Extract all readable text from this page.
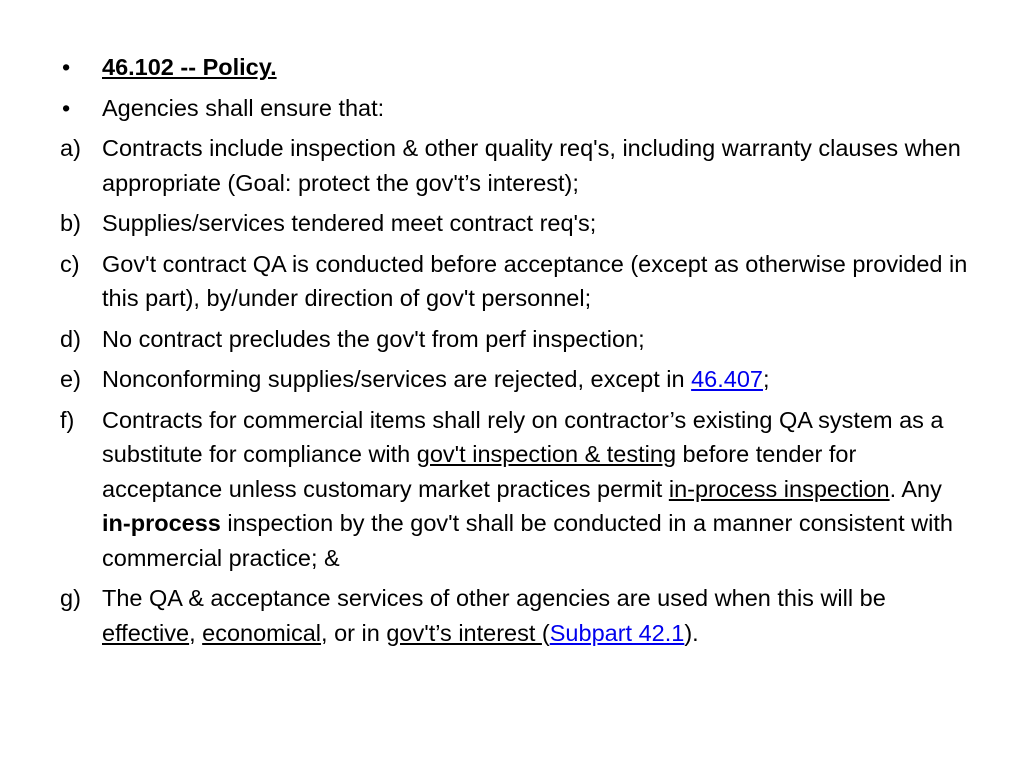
•	46.102 -- Policy.
•	Agencies shall ensure that:
a) Contracts include inspection & other quality req's, including warranty clauses when appropriate (Goal: protect the gov't’s interest);
b) Supplies/services tendered meet contract req's;
c) Gov't contract QA is conducted before acceptance (except as otherwise provided in this part), by/under direction of gov't personnel;
d) No contract precludes the gov't from perf inspection;
e) Nonconforming supplies/services are rejected, except in 46.407;
f)	Contracts for commercial items shall rely on contractor’s existing QA system as a substitute for compliance with gov't inspection & testing before tender for acceptance unless customary market practices permit in-process inspection. Any in-process inspection by the gov't shall be conducted in a manner consistent with commercial practice; &
g) The QA & acceptance services of other agencies are used when this will be effective, economical, or in gov't’s interest (Subpart 42.1).
